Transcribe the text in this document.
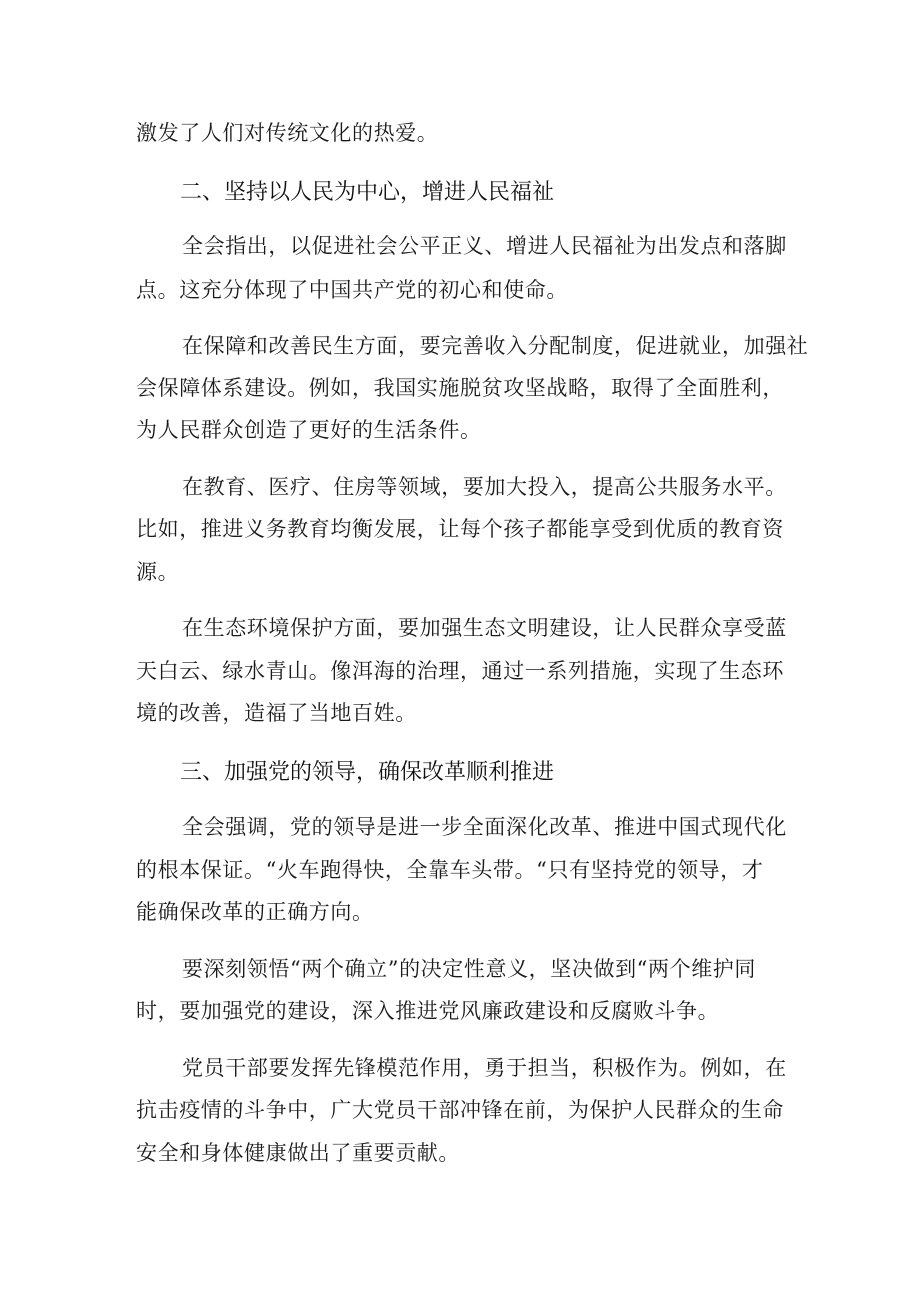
激发了人们对传统文化的热爱。

二、坚持以人民为中心，增进人民福祉

全会指出，以促进社会公平正义、增进人民福祉为出发点和落脚

点。这充分体现了中国共产党的初心和使命。

在保障和改善民生方面，要完善收入分配制度，促进就业，加强社

会保障体系建设。例如，我国实施脱贫攻坚战略，取得了全面胜利，

为人民群众创造了更好的生活条件。

在教育、医疗、住房等领域，要加大投入，提高公共服务水平。

比如，推进义务教育均衡发展，让每个孩子都能享受到优质的教育资

源。

在生态环境保护方面，要加强生态文明建设，让人民群众享受蓝

天白云、绿水青山。像洱海的治理，通过一系列措施，实现了生态环

境的改善，造福了当地百姓。

三、加强党的领导，确保改革顺利推进

全会强调，党的领导是进一步全面深化改革、推进中国式现代化

的根本保证。“火车跑得快，全靠车头带。“只有坚持党的领导，才

能确保改革的正确方向。

要深刻领悟“两个确立”的决定性意义，坚决做到“两个维护同

时，要加强党的建设，深入推进党风廉政建设和反腐败斗争。

党员干部要发挥先锋模范作用，勇于担当，积极作为。例如，在

抗击疫情的斗争中，广大党员干部冲锋在前，为保护人民群众的生命

安全和身体健康做出了重要贡献。
